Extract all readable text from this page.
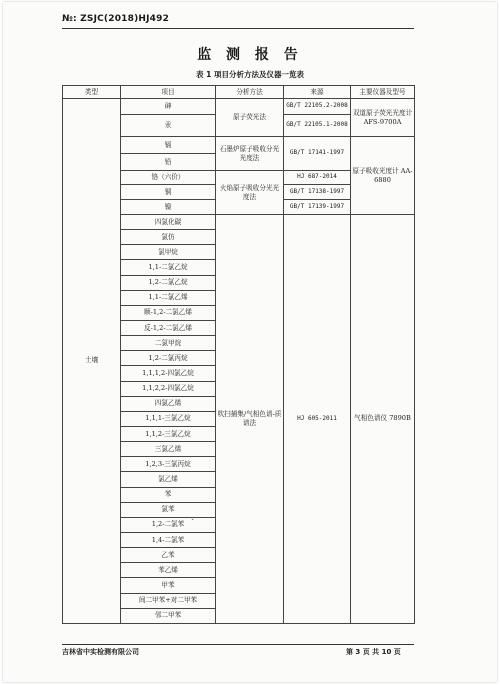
№: ZSJC(2018)HJ492
监 测 报 告
表 1 项目分析方法及仪器一览表
类型	项目	分析方法	来源	主要仪器及型号
土壤	砷	原子荧光法	GB/T 22105.2-2008	双道原子荧光光度计 AFS-9700A
	汞		GB/T 22105.1-2008	
	镉	石墨炉原子吸收分光光度法	GB/T 17141-1997	原子吸收光度计 AA-6880
	铅			
	铬（六价）	火焰原子吸收分光光度法	HJ 687-2014	
	铜		GB/T 17138-1997	
	镍		GB/T 17139-1997	
	四氯化碳	吹扫捕集/气相色谱-质谱法	HJ 605-2011	气相色谱仪 7890B
	氯仿			
	氯甲烷			
	1,1-二氯乙烷			
	1,2-二氯乙烷			
	1,1-二氯乙烯			
	顺-1,2-二氯乙烯			
	反-1,2-二氯乙烯			
	二氯甲烷			
	1,2-二氯丙烷			
	1,1,1,2-四氯乙烷			
	1,1,2,2-四氯乙烷			
	四氯乙烯			
	1,1,1-三氯乙烷			
	1,1,2-三氯乙烷			
	三氯乙烯			
	1,2,3-三氯丙烷			
	氯乙烯			
	苯			
	氯苯			
	1,2-二氯苯			
	1,4-二氯苯			
	乙苯			
	苯乙烯			
	甲苯			
	间二甲苯+对二甲苯			
	邻二甲苯			
ˇ
吉林省中实检测有限公司	第 3 页 共 10 页
